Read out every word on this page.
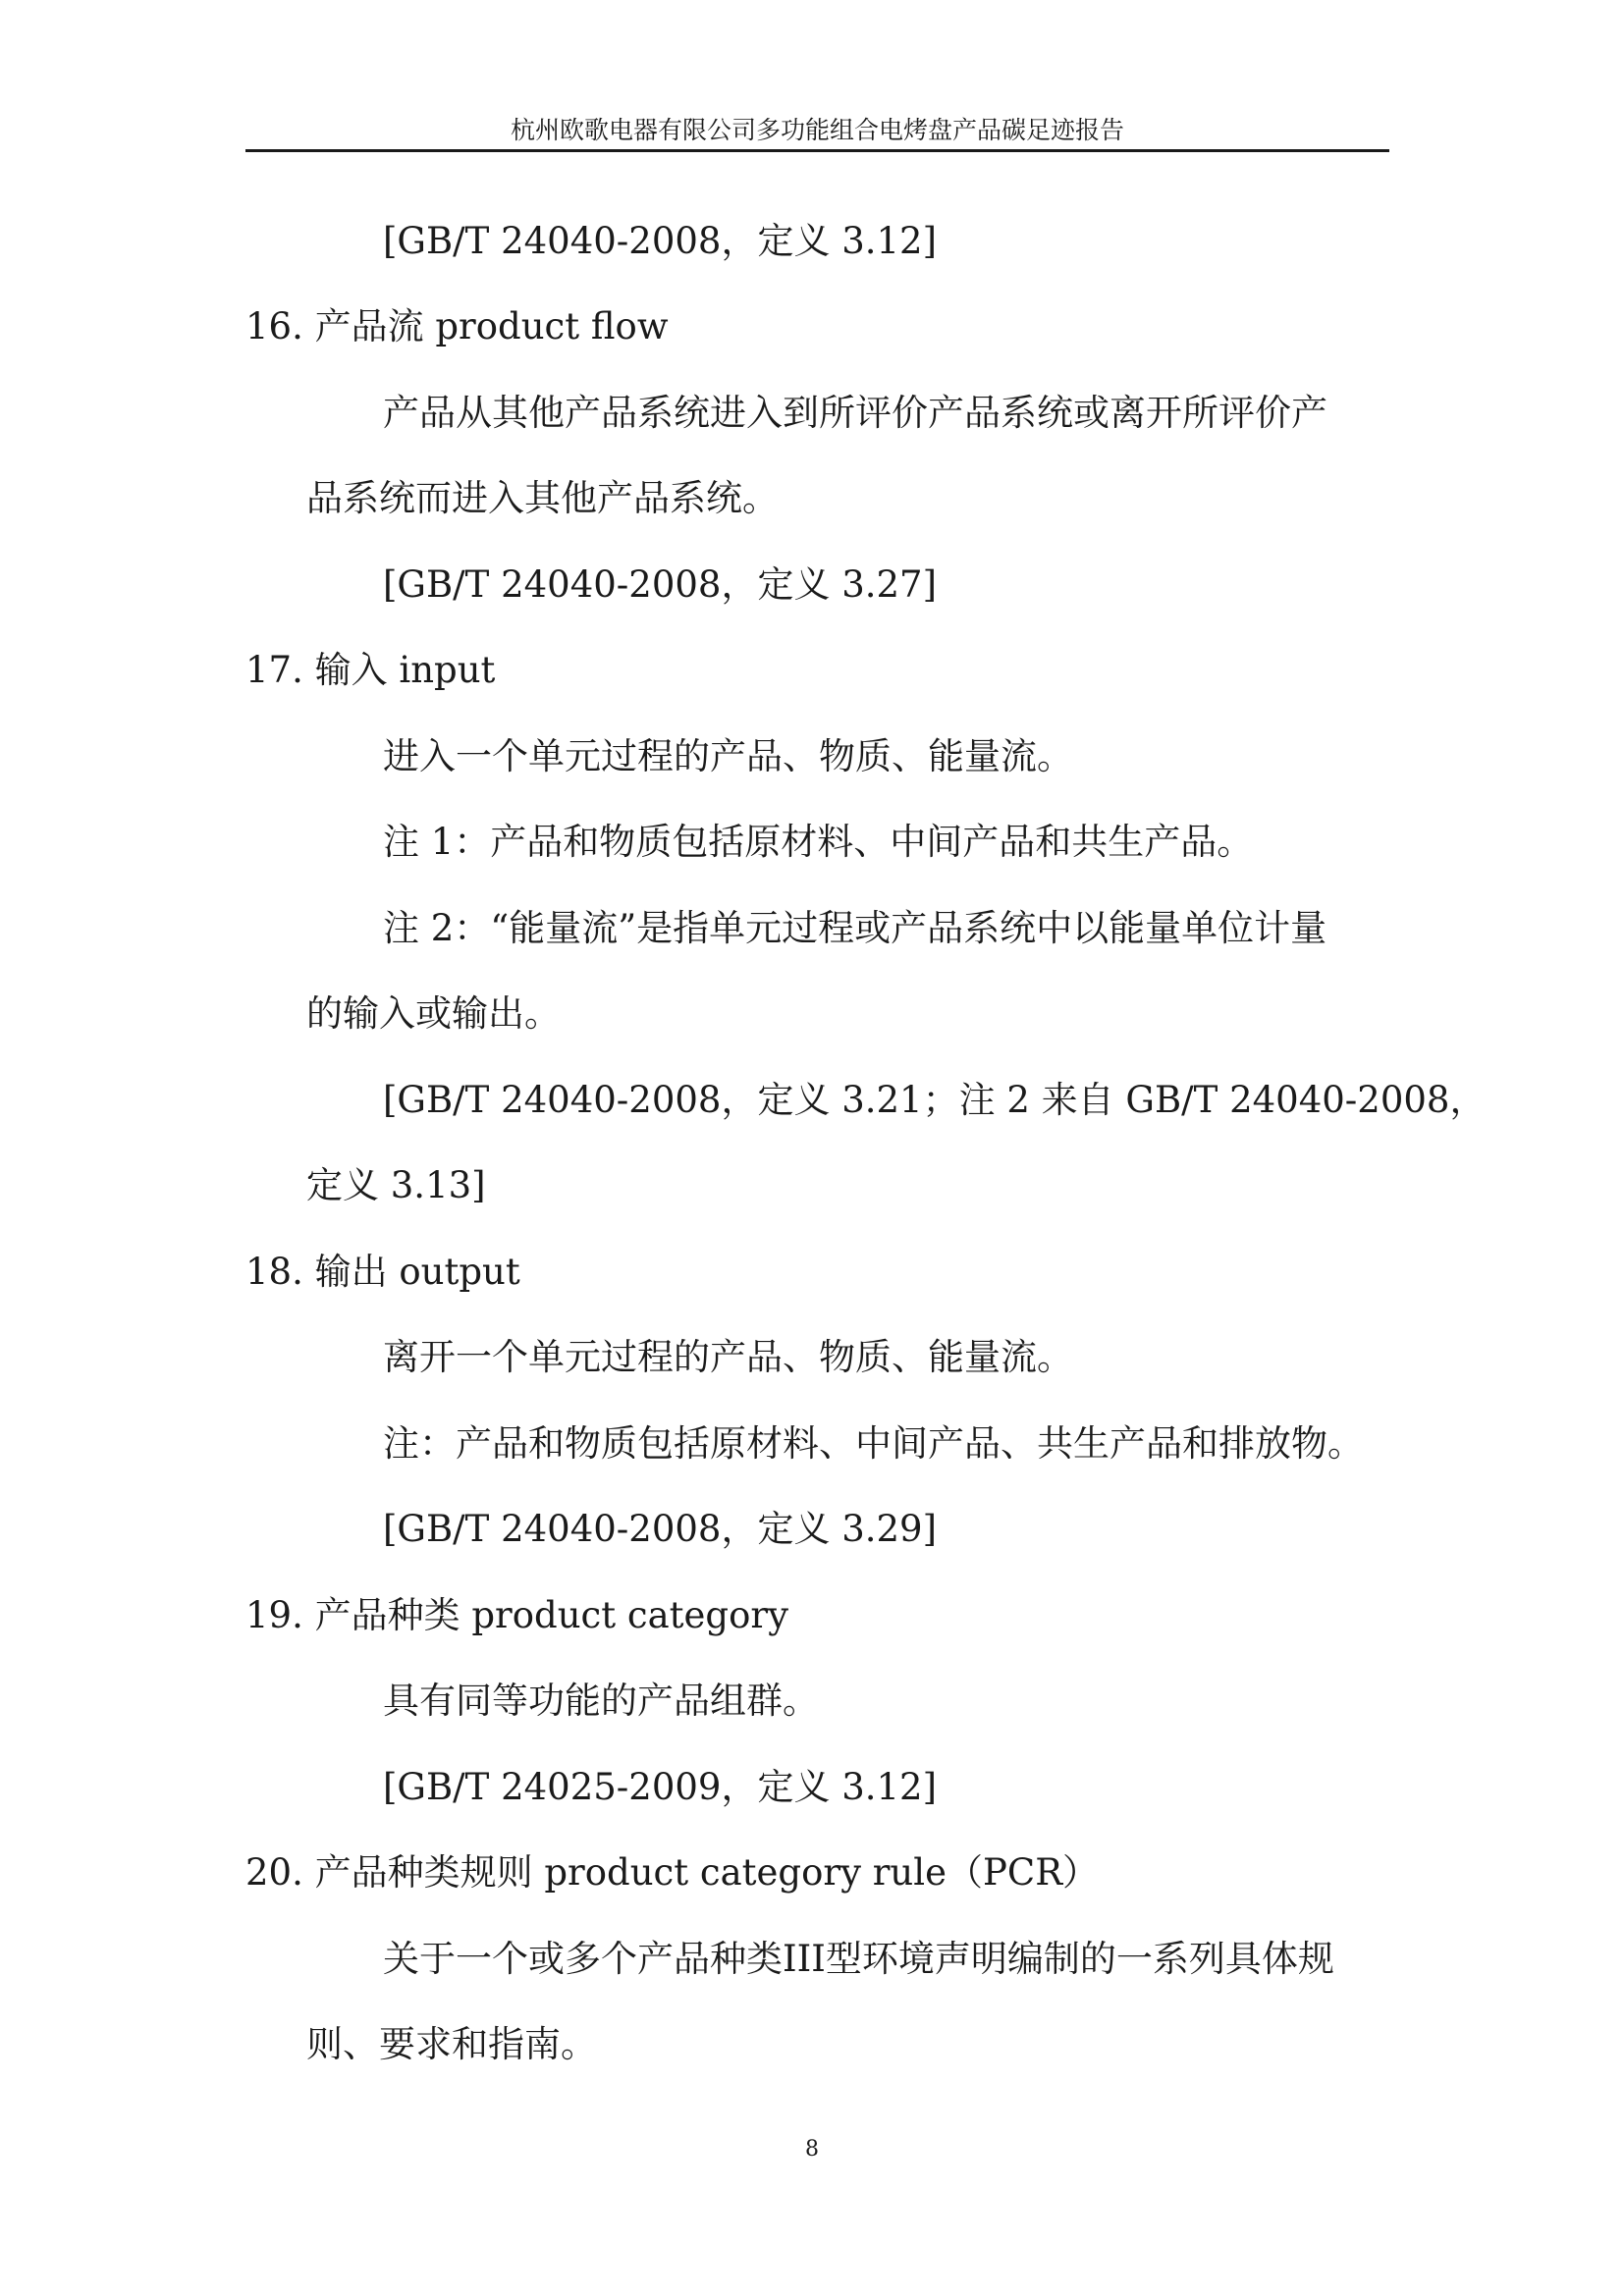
杭州欧歌电器有限公司多功能组合电烤盘产品碳足迹报告
[GB/T 24040-2008，定义 3.12]
16. 产品流 product flow
产品从其他产品系统进入到所评价产品系统或离开所评价产
品系统而进入其他产品系统。
[GB/T 24040-2008，定义 3.27]
17. 输入 input
进入一个单元过程的产品、物质、能量流。
注 1：产品和物质包括原材料、中间产品和共生产品。
注 2：“能量流”是指单元过程或产品系统中以能量单位计量
的输入或输出。
[GB/T 24040-2008，定义 3.21；注 2 来自 GB/T 24040-2008，
定义 3.13]
18. 输出 output
离开一个单元过程的产品、物质、能量流。
注：产品和物质包括原材料、中间产品、共生产品和排放物。
[GB/T 24040-2008，定义 3.29]
19. 产品种类 product category
具有同等功能的产品组群。
[GB/T 24025-2009，定义 3.12]
20. 产品种类规则 product category rule（PCR）
关于一个或多个产品种类III型环境声明编制的一系列具体规
则、要求和指南。
8
